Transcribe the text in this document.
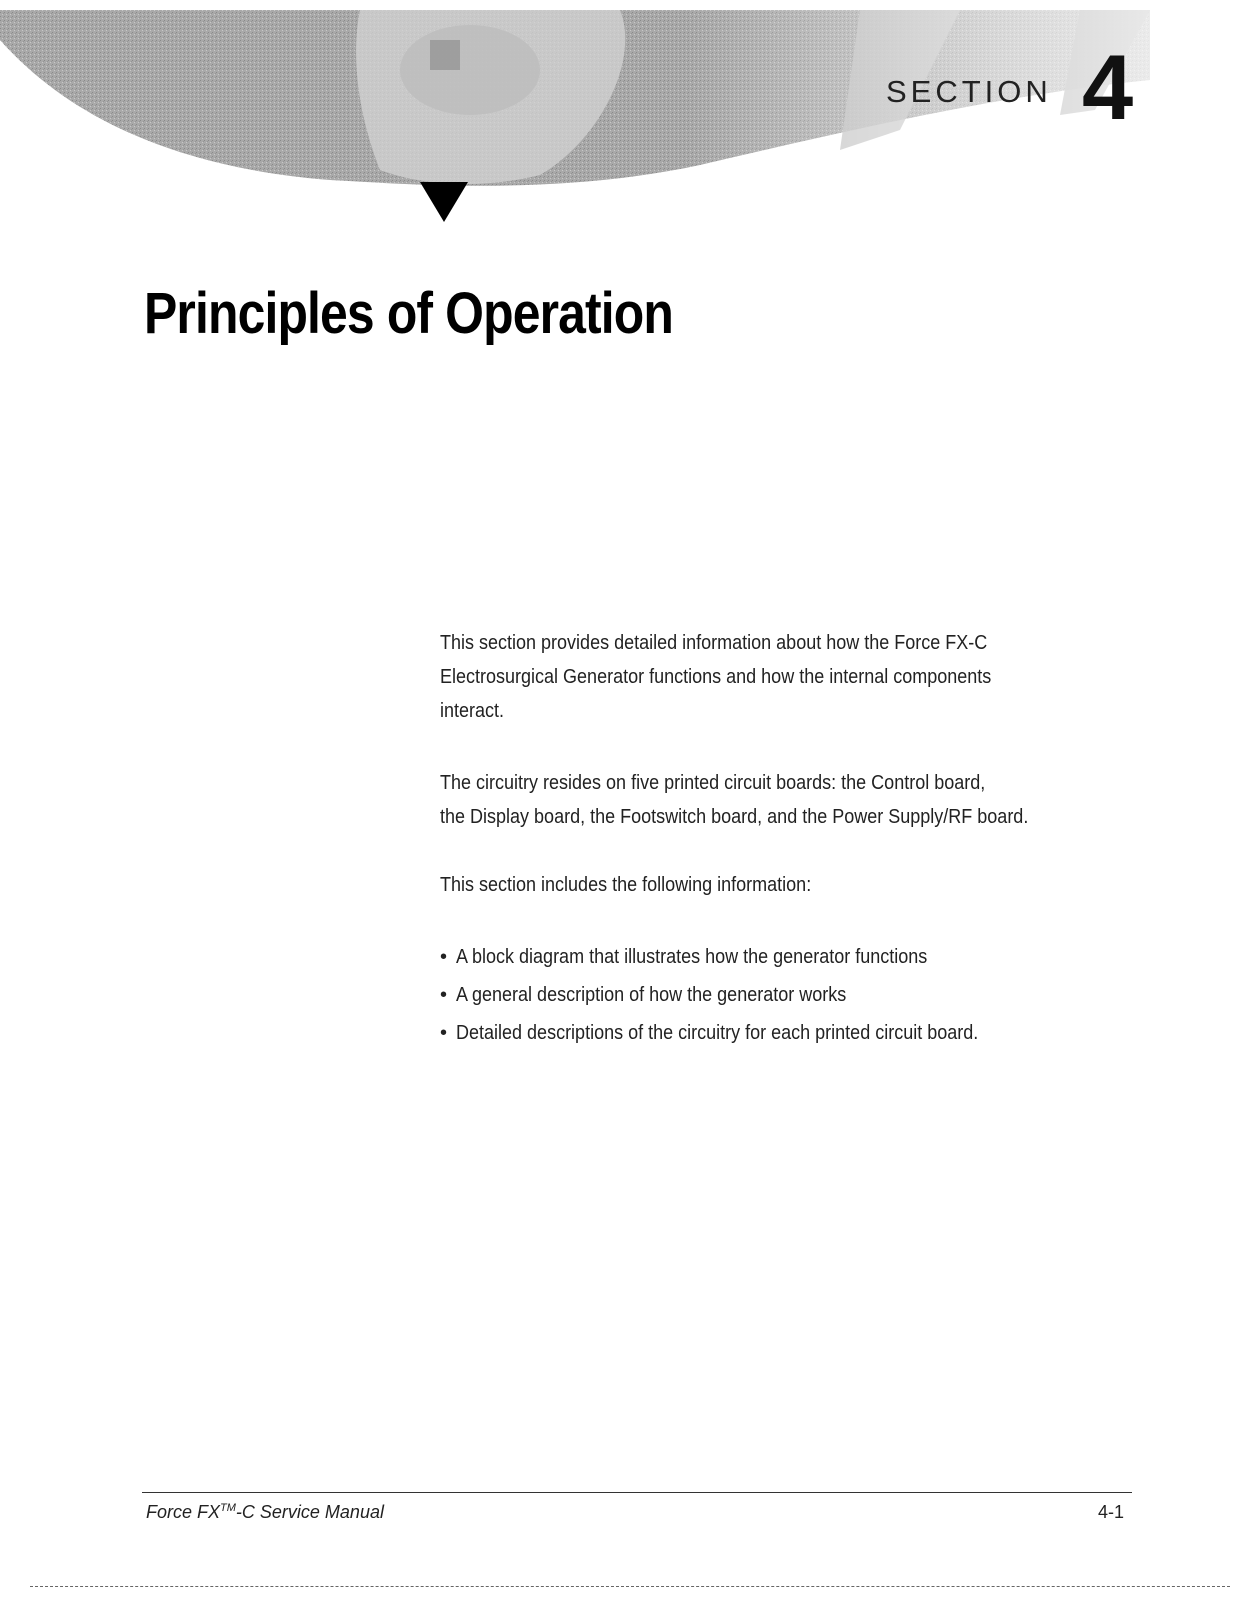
SECTION 4
Principles of Operation
This section provides detailed information about how the Force FX-C
Electrosurgical Generator functions and how the internal components
interact.
The circuitry resides on five printed circuit boards: the Control board,
the Display board, the Footswitch board, and the Power Supply/RF board.
This section includes the following information:
• A block diagram that illustrates how the generator functions
• A general description of how the generator works
• Detailed descriptions of the circuitry for each printed circuit board.
Force FX™-C Service Manual	4-1
